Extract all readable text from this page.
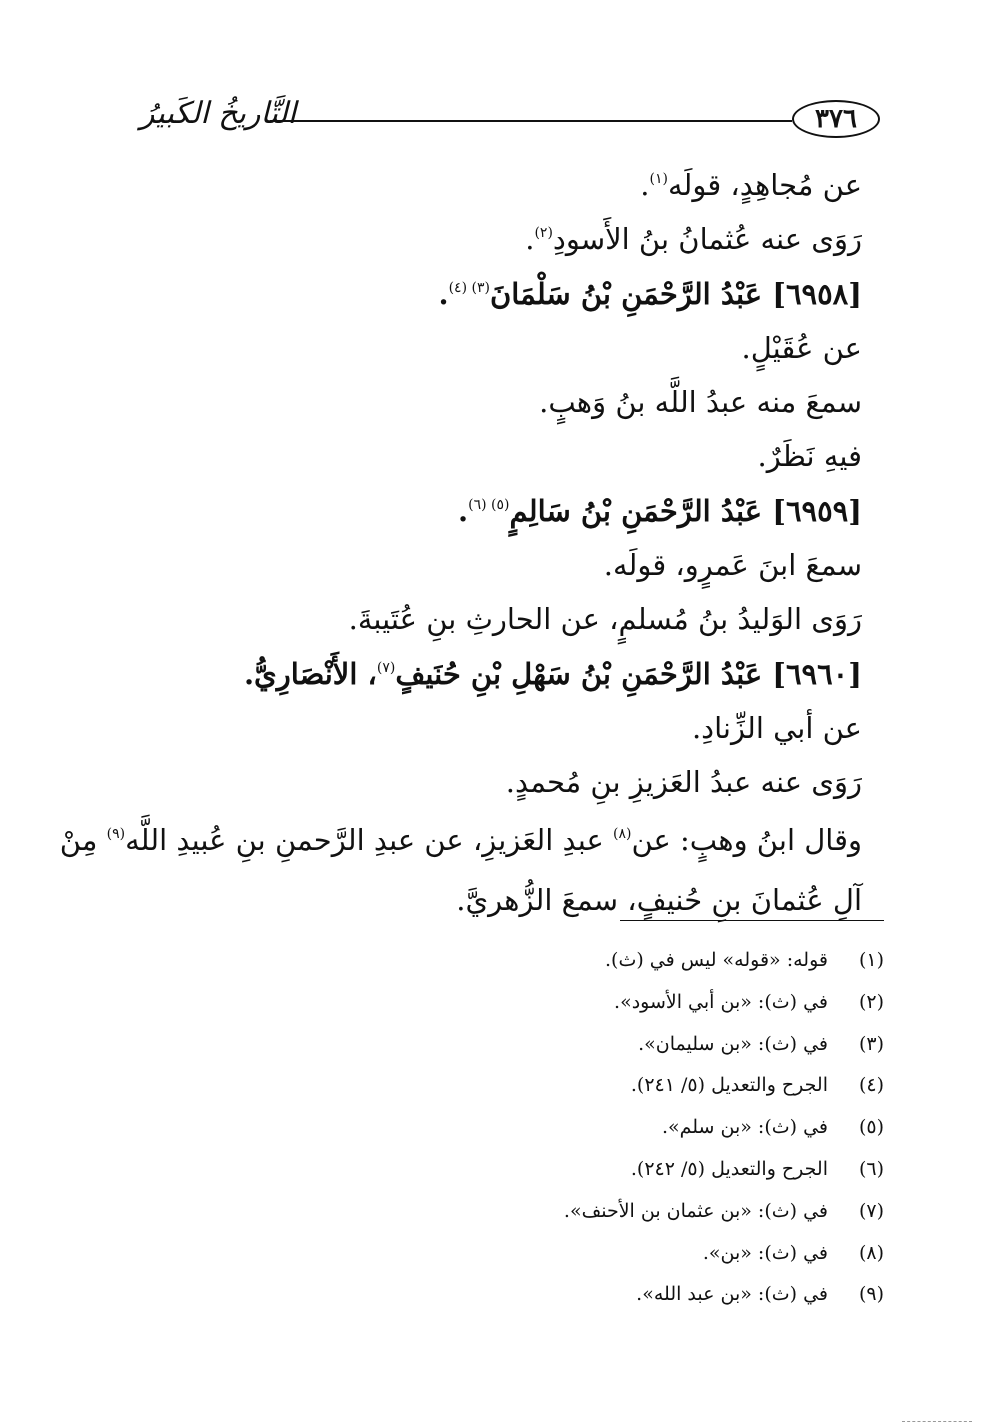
التَّاريخُ الكَبيرُ	٣٧٦
عن مُجاهِدٍ، قولَه$^{(١)}$.
رَوَى عنه عُثمانُ بنُ الأَسودِ$^{(٢)}$.
[٦٩٥٨] عَبْدُ الرَّحْمَنِ بْنُ سَلْمَانَ$^{(٣) (٤)}$.
عن عُقَيْلٍ.
سمعَ منه عبدُ اللَّه بنُ وَهبٍ.
فيهِ نَظَرٌ.
[٦٩٥٩] عَبْدُ الرَّحْمَنِ بْنُ سَالِمٍ$^{(٥) (٦)}$.
سمعَ ابنَ عَمرٍو، قولَه.
رَوَى الوَليدُ بنُ مُسلمٍ، عن الحارثِ بنِ عُتَيبةَ.
[٦٩٦٠] عَبْدُ الرَّحْمَنِ بْنُ سَهْلِ بْنِ حُنَيفٍ$^{(٧)}$، الأَنْصَارِيُّ.
عن أبي الزِّنادِ.
رَوَى عنه عبدُ العَزيزِ بنِ مُحمدٍ.
وقال ابنُ وهبٍ: عن$^{(٨)}$ عبدِ العَزيزِ، عن عبدِ الرَّحمنِ بنِ عُبيدِ اللَّه$^{(٩)}$ مِنْ
آلِ عُثمانَ بنِ حُنيفٍ، سمعَ الزُّهريَّ.
(١)قوله: «قوله» ليس في (ث).
(٢)في (ث): «بن أبي الأسود».
(٣)في (ث): «بن سليمان».
(٤)الجرح والتعديل (٥/ ٢٤١).
(٥)في (ث): «بن سلم».
(٦)الجرح والتعديل (٥/ ٢٤٢).
(٧)في (ث): «بن عثمان بن الأحنف».
(٨)في (ث): «بن».
(٩)في (ث): «بن عبد الله».
